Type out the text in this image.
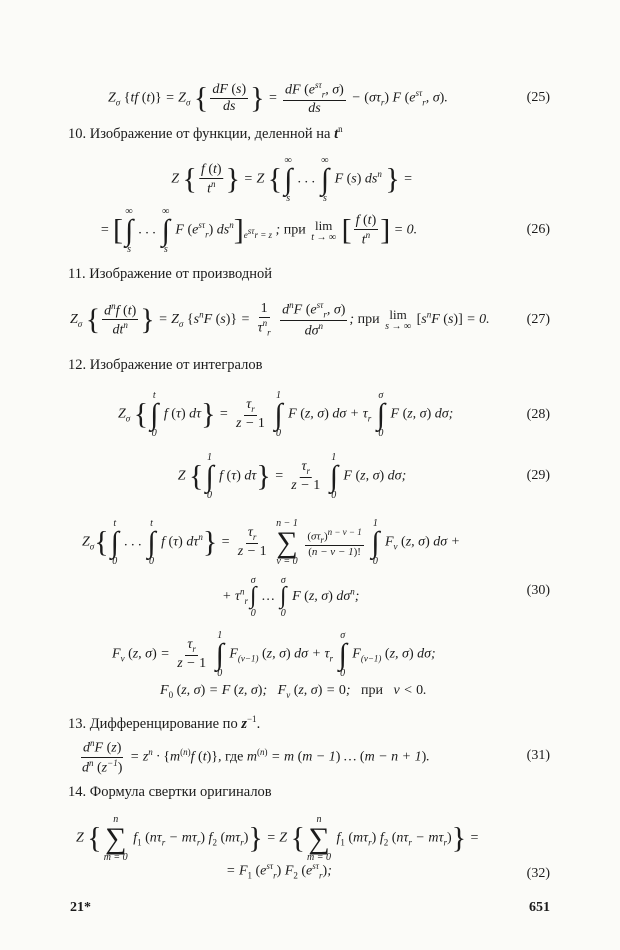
$Z_\sigma$ {tf $(t)\} = Z_\sigma$ { $\frac{dF (s)}{ds}$ } = $\frac{dF (e^{s\tau}_r, \sigma)}{ds} - (\sigma\tau_r)$ F ($e^{s\tau}_r$, σ).	(25)
10. Изображение от функции, деленной на $t^n$
Z { $\frac{f (t)}{t^n}$ } = Z {
∞
∫
s
. . .
∞
∫
s
F (s) $ds^n$ } =
= [
∞
∫
s
. . .
∞
∫
s
F $(e^{s\tau}_r)$ $ds^n]_{e^{s\tau}r = z}$ ; при lim
t → ∞ [ $\frac{f (t)}{t^n}$ ] = 0.	(26)
11. Изображение от производной
$Z_\sigma$ { $\frac{d^nf (t)}{dt^n}$ } = $Z_\sigma$ {$s^nF$ $(s)\} = \frac{1}{\tau^n_r}$
$\frac{d^nF (e^{s\tau}_r, \sigma)}{d\sigma^n}$ ; при lim
s → ∞ [$s^nF$ (s)] = 0.	(27)
12. Изображение от интегралов
$Z_\sigma$ {
t
∫
0
f (τ) $d\tau\} = \frac{\tau_r}{z - 1}$

1
∫
0
F (z, σ) $d\sigma + \tau_r$
σ
∫
0
F (z, σ) dσ;	(28)
Z {
1
∫
0
f (τ) $d\tau\} = \frac{\tau_r}{z - 1}$

1
∫
0
F (z, σ) dσ;	(29)
$Z_\sigma${
t
∫
0
. . .
t
∫
0
f (τ) $d\tau^n\} = \frac{\tau_r}{z - 1}$

n − 1
∑
ν = 0

$\frac{(\sigma\tau_r)^{n - \nu - 1}}{(n - \nu - 1)!}$

1
∫
0
$F_\nu$ (z, σ) dσ +
+ $\tau^n_r$
σ
∫
0
…
σ
∫
0
F (z, σ) $d\sigma^n$;	(30)
$F_\nu$ (z, $\sigma) = \frac{\tau_r}{z - 1}$

1
∫
0
$F_{(\nu-1)}$ (z, σ) $d\sigma + \tau_r$
σ
∫
0
$F_{(\nu-1)}$ (z, σ) dσ;
$F_0$ (z, σ) = F (z, σ);   $F_\nu$ (z, σ) = 0;   при   ν < 0.
13. Дифференцирование по $z^{-1}$.
$\frac{d^nF (z)}{d^n (z^{-1})} = z^n \cdot \{m^{(n)}f$ (t)}, где $m^{(n)} = m$ (m − 1) … (m − n + 1).	(31)
14. Формула свертки оригиналов
Z {
n
∑
m = 0
$f_1$ $(n\tau_r - m\tau_r)$ $f_2$ $(m\tau_r)\} = Z$ {
n
∑
m = 0
$f_1$ $(m\tau_r)$ $f_2$ $(n\tau_r - m\tau_r)$} =
= $F_1$ $(e^{s\tau}_r)$ $F_2$ $(e^{s\tau}_r)$;	(32)
21*	651
